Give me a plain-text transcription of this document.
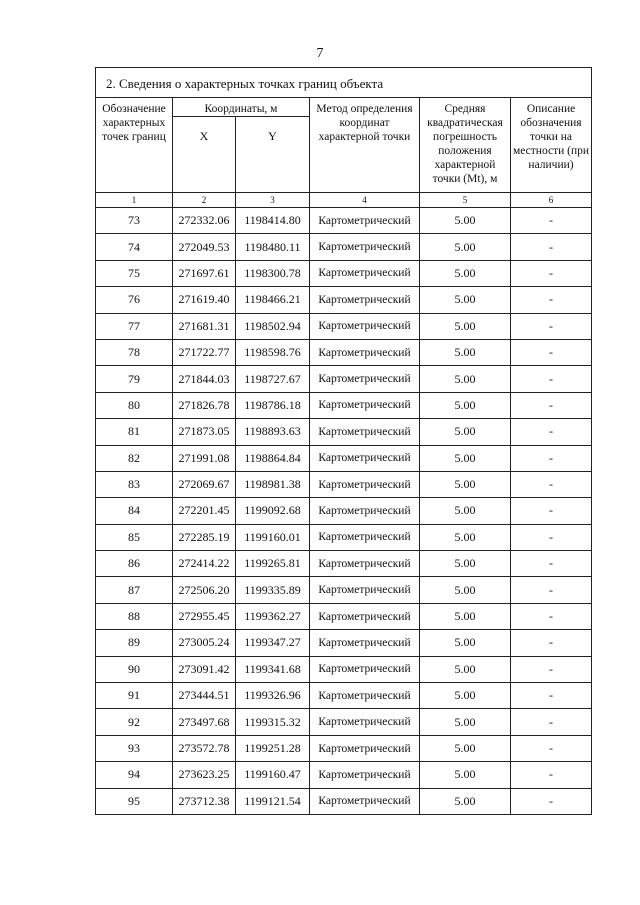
7
2. Сведения о характерных точках границ объекта					
Обозначение характерных точек границ	Координаты, м		Метод определения координат характерной точки	Средняя квадратическая погрешность положения характерной точки (Mt), м	Описание обозначения точки на местности (при наличии)
	X	Y			
1	2	3	4	5	6
73	272332.06	1198414.80	Картометрический	5.00	-
74	272049.53	1198480.11	Картометрический	5.00	-
75	271697.61	1198300.78	Картометрический	5.00	-
76	271619.40	1198466.21	Картометрический	5.00	-
77	271681.31	1198502.94	Картометрический	5.00	-
78	271722.77	1198598.76	Картометрический	5.00	-
79	271844.03	1198727.67	Картометрический	5.00	-
80	271826.78	1198786.18	Картометрический	5.00	-
81	271873.05	1198893.63	Картометрический	5.00	-
82	271991.08	1198864.84	Картометрический	5.00	-
83	272069.67	1198981.38	Картометрический	5.00	-
84	272201.45	1199092.68	Картометрический	5.00	-
85	272285.19	1199160.01	Картометрический	5.00	-
86	272414.22	1199265.81	Картометрический	5.00	-
87	272506.20	1199335.89	Картометрический	5.00	-
88	272955.45	1199362.27	Картометрический	5.00	-
89	273005.24	1199347.27	Картометрический	5.00	-
90	273091.42	1199341.68	Картометрический	5.00	-
91	273444.51	1199326.96	Картометрический	5.00	-
92	273497.68	1199315.32	Картометрический	5.00	-
93	273572.78	1199251.28	Картометрический	5.00	-
94	273623.25	1199160.47	Картометрический	5.00	-
95	273712.38	1199121.54	Картометрический	5.00	-
